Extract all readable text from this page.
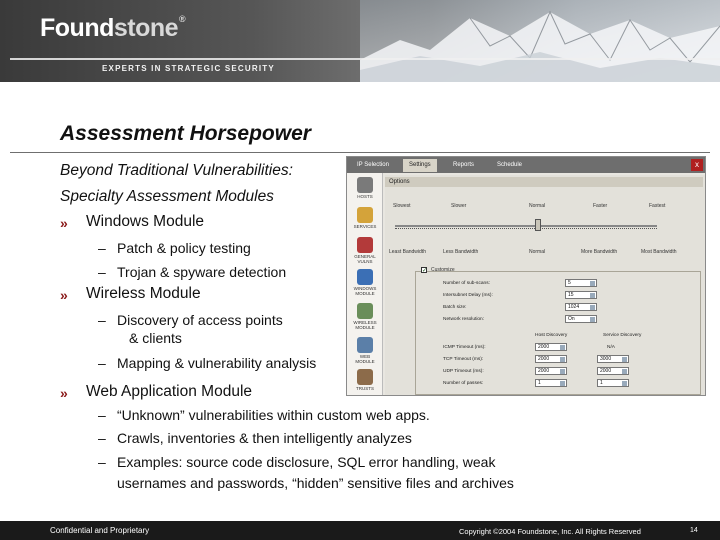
Foundstone®
EXPERTS IN STRATEGIC SECURITY
Assessment Horsepower
Beyond Traditional Vulnerabilities:
Specialty Assessment Modules
» Windows Module
– Patch & policy testing
– Trojan & spyware detection
» Wireless Module
– Discovery of access points
& clients
– Mapping & vulnerability analysis
» Web Application Module
– “Unknown” vulnerabilities within custom web apps.
– Crawls, inventories & then intelligently analyzes
– Examples: source code disclosure, SQL error handling, weak
usernames and passwords, “hidden” sensitive files and archives
IP Selection	Settings	Reports	Schedule	x
HOSTS
SERVICES
GENERAL VULNS
WINDOWS MODULE
WIRELESS MODULE
WEB MODULE
TRUSTS
Options
Slowest	Slower	Normal	Faster	Fastest
Least Bandwidth	Less Bandwidth	Normal	More Bandwidth	Most Bandwidth
✓ Customize
Number of sub-scans:	5
Intersubnet Delay (ms):	15
Batch size:	1024
Network resolution:	On
Host Discovery	Service Discovery
ICMP Timeout (ms):	2000	N/A
TCP Timeout (ms):	2000	3000
UDP Timeout (ms):	2000	2000
Number of passes:	1	1
Confidential and Proprietary	Copyright ©2004 Foundstone, Inc. All Rights Reserved	14
